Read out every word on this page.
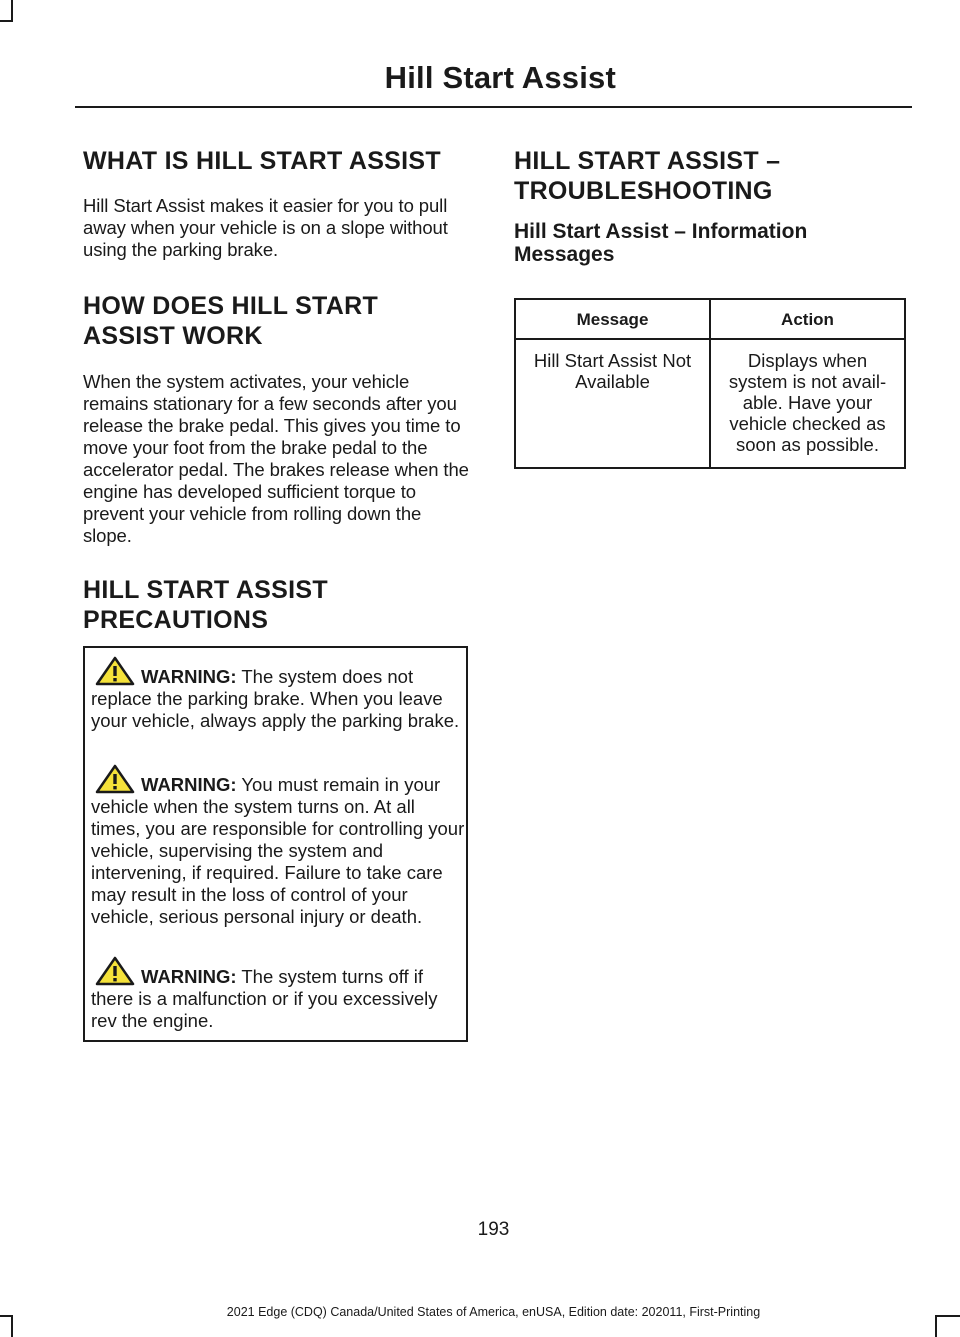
Hill Start Assist
WHAT IS HILL START ASSIST

Hill Start Assist makes it easier for you to pull away when your vehicle is on a slope without using the parking brake.

HOW DOES HILL START
ASSIST WORK

When the system activates, your vehicle remains stationary for a few seconds after you release the brake pedal. This gives you time to move your foot from the brake pedal to the accelerator pedal. The brakes release when the engine has developed sufficient torque to prevent your vehicle from rolling down the slope.

HILL START ASSIST
PRECAUTIONS
WARNING: The system does not replace the parking brake. When you leave your vehicle, always apply the parking brake.
WARNING: You must remain in your vehicle when the system turns on. At all times, you are responsible for controlling your vehicle, supervising the system and intervening, if required. Failure to take care may result in the loss of control of your vehicle, serious personal injury or death.
WARNING: The system turns off if there is a malfunction or if you excessively rev the engine.
HILL START ASSIST –
TROUBLESHOOTING
Hill Start Assist – Information Messages
Message	Action
Hill Start Assist Not Available	Displays when system is not avail-able. Have your vehicle checked as soon as possible.
193
2021 Edge (CDQ) Canada/United States of America, enUSA, Edition date: 202011, First-Printing
